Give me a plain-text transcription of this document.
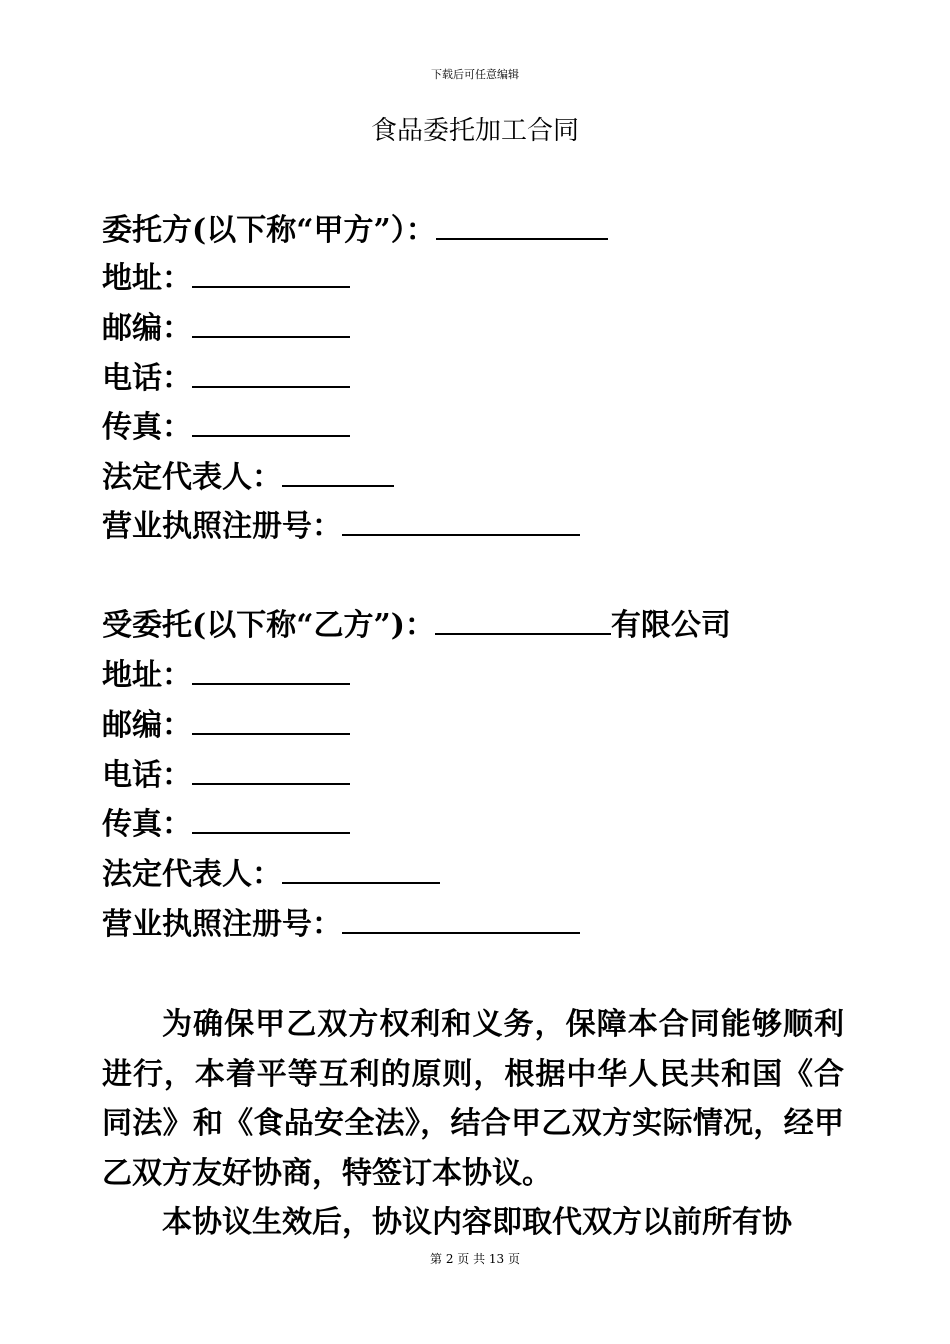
下载后可任意编辑
食品委托加工合同
委托方(以下称“甲方”）：
地址：
邮编：
电话：
传真：
法定代表人：
营业执照注册号：
受委托(以下称“乙方”)：	有限公司
地址：
邮编：
电话：
传真：
法定代表人：
营业执照注册号：
为确保甲乙双方权利和义务，保障本合同能够顺利进行，本着平等互利的原则，根据中华人民共和国《合同法》和《食品安全法》，结合甲乙双方实际情况，经甲乙双方友好协商，特签订本协议。
本协议生效后，协议内容即取代双方以前所有协
第 2 页 共 13 页
